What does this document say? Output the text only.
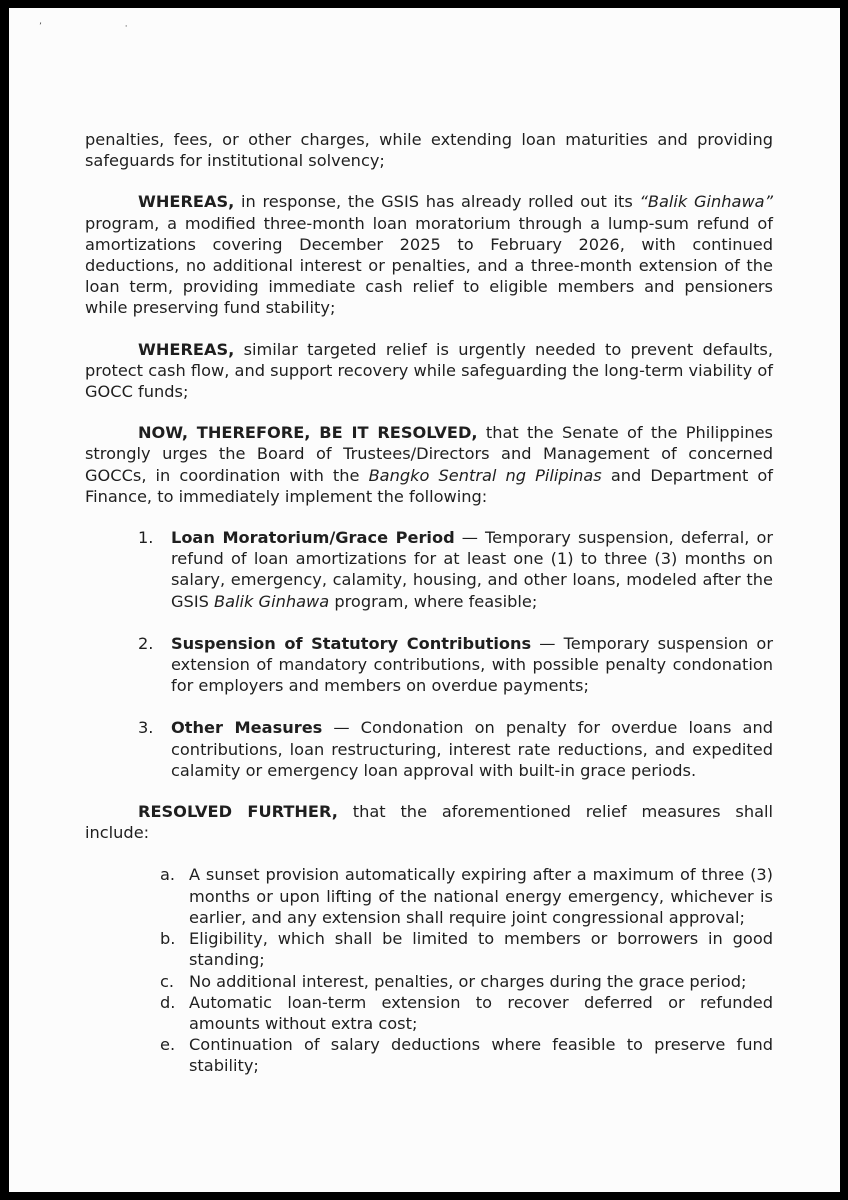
’ ·

penalties, fees, or other charges, while extending loan maturities and providing safeguards for institutional solvency;

WHEREAS, in response, the GSIS has already rolled out its “Balik Ginhawa” program, a modified three-month loan moratorium through a lump-sum refund of amortizations covering December 2025 to February 2026, with continued deductions, no additional interest or penalties, and a three-month extension of the loan term, providing immediate cash relief to eligible members and pensioners while preserving fund stability;

WHEREAS, similar targeted relief is urgently needed to prevent defaults, protect cash flow, and support recovery while safeguarding the long-term viability of GOCC funds;

NOW, THEREFORE, BE IT RESOLVED, that the Senate of the Philippines strongly urges the Board of Trustees/Directors and Management of concerned GOCCs, in coordination with the Bangko Sentral ng Pilipinas and Department of Finance, to immediately implement the following:

1. Loan Moratorium/Grace Period — Temporary suspension, deferral, or refund of loan amortizations for at least one (1) to three (3) months on salary, emergency, calamity, housing, and other loans, modeled after the GSIS Balik Ginhawa program, where feasible;
2. Suspension of Statutory Contributions — Temporary suspension or extension of mandatory contributions, with possible penalty condonation for employers and members on overdue payments;
3. Other Measures — Condonation on penalty for overdue loans and contributions, loan restructuring, interest rate reductions, and expedited calamity or emergency loan approval with built-in grace periods.

RESOLVED FURTHER, that the aforementioned relief measures shall include:

a. A sunset provision automatically expiring after a maximum of three (3) months or upon lifting of the national energy emergency, whichever is earlier, and any extension shall require joint congressional approval;
b. Eligibility, which shall be limited to members or borrowers in good standing;
c. No additional interest, penalties, or charges during the grace period;
d. Automatic loan-term extension to recover deferred or refunded amounts without extra cost;
e. Continuation of salary deductions where feasible to preserve fund stability;
